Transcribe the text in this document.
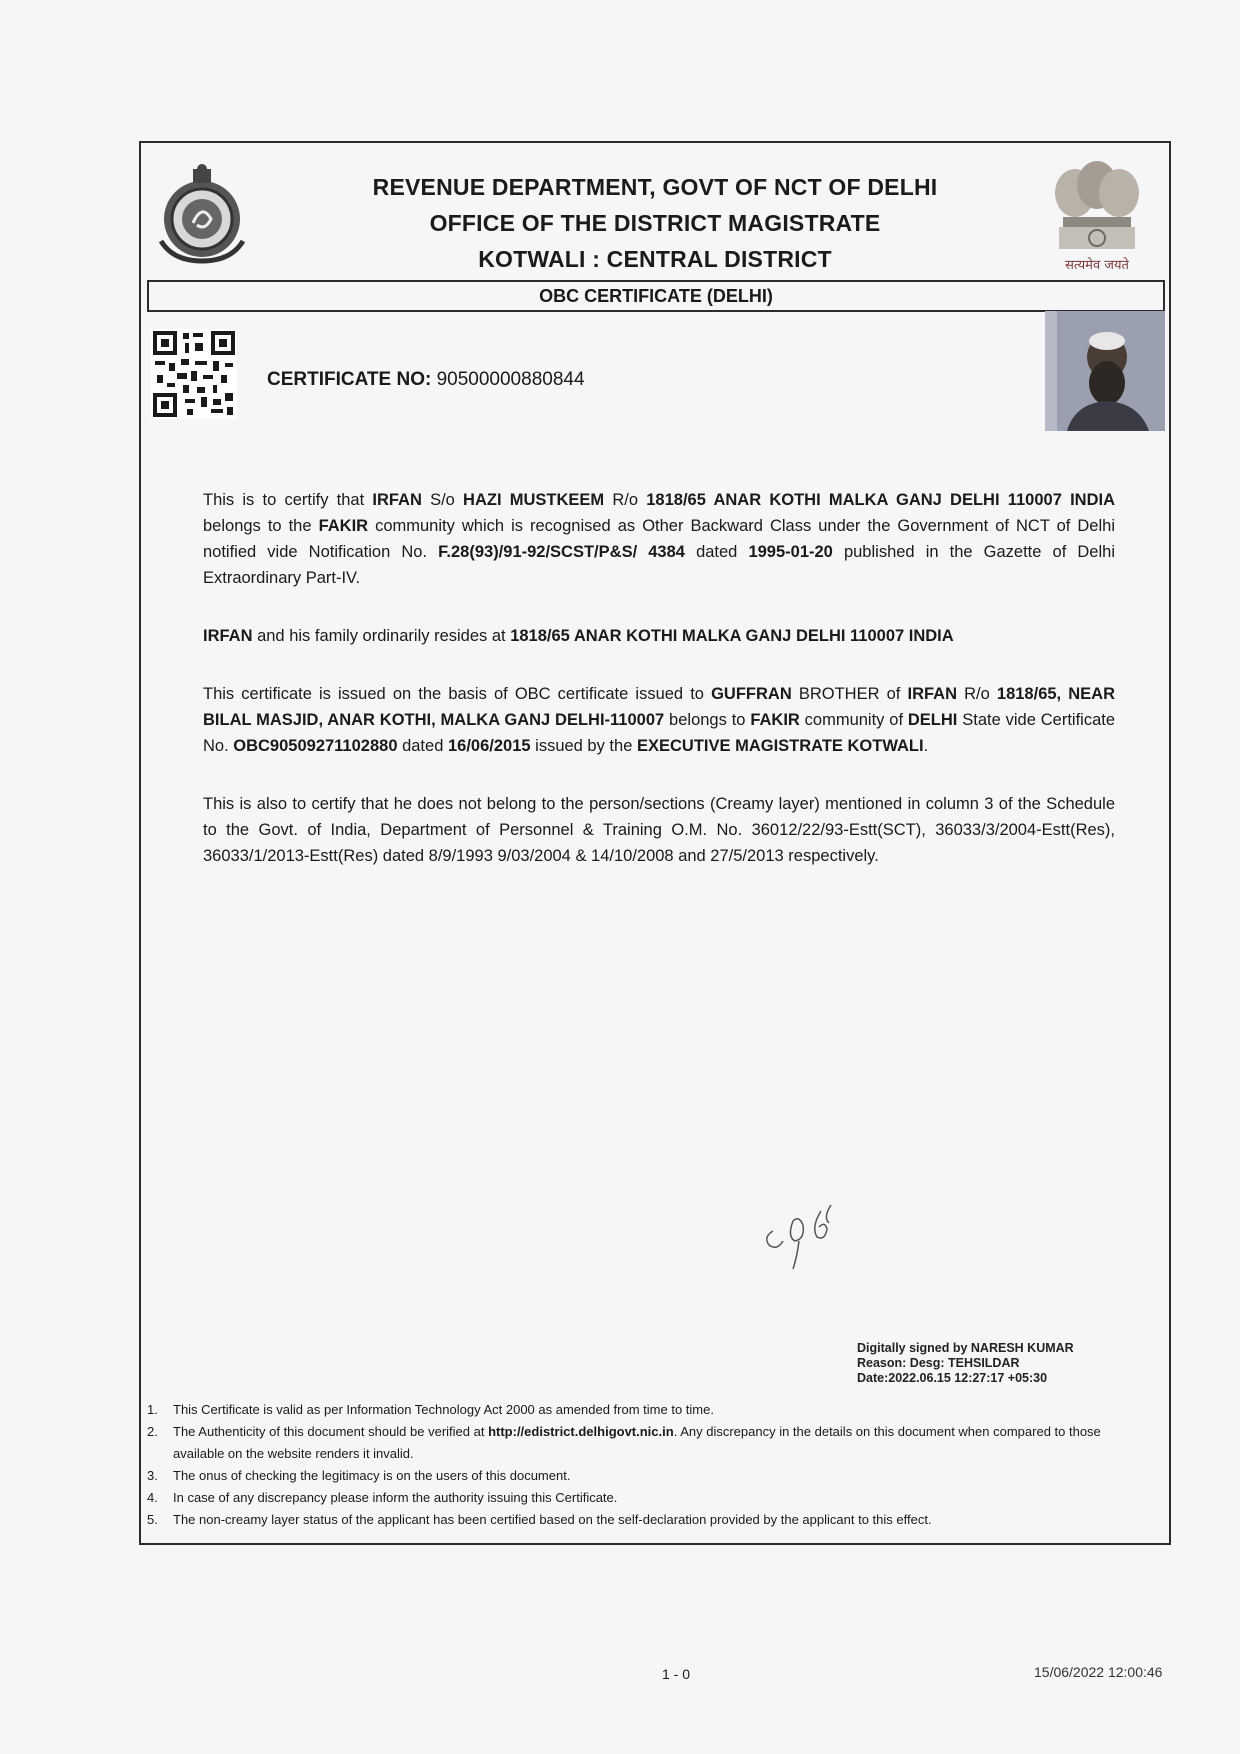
REVENUE DEPARTMENT, GOVT OF NCT OF DELHI
OFFICE OF THE DISTRICT MAGISTRATE
KOTWALI : CENTRAL DISTRICT	सत्यमेव जयते
OBC CERTIFICATE (DELHI)
CERTIFICATE NO: 90500000880844

This is to certify that IRFAN S/o HAZI MUSTKEEM R/o 1818/65 ANAR KOTHI MALKA GANJ DELHI 110007 INDIA belongs to the FAKIR community which is recognised as Other Backward Class under the Government of NCT of Delhi notified vide Notification No. F.28(93)/91-92/SCST/P&S/ 4384 dated 1995-01-20 published in the Gazette of Delhi Extraordinary Part-IV.

IRFAN and his family ordinarily resides at 1818/65 ANAR KOTHI MALKA GANJ DELHI 110007 INDIA

This certificate is issued on the basis of OBC certificate issued to GUFFRAN BROTHER of IRFAN R/o 1818/65, NEAR BILAL MASJID, ANAR KOTHI, MALKA GANJ DELHI-110007 belongs to FAKIR community of DELHI State vide Certificate No. OBC90509271102880 dated 16/06/2015 issued by the EXECUTIVE MAGISTRATE KOTWALI.

This is also to certify that he does not belong to the person/sections (Creamy layer) mentioned in column 3 of the Schedule to the Govt. of India, Department of Personnel & Training O.M. No. 36012/22/93-Estt(SCT), 36033/3/2004-Estt(Res), 36033/1/2013-Estt(Res) dated 8/9/1993 9/03/2004 & 14/10/2008 and 27/5/2013 respectively.

Digitally signed by NARESH KUMAR
Reason: Desg: TEHSILDAR
Date:2022.06.15 12:27:17 +05:30
1.	This Certificate is valid as per Information Technology Act 2000 as amended from time to time.
2.	The Authenticity of this document should be verified at http://edistrict.delhigovt.nic.in. Any discrepancy in the details on this document when compared to those available on the website renders it invalid.
3.	The onus of checking the legitimacy is on the users of this document.
4.	In case of any discrepancy please inform the authority issuing this Certificate.
5.	The non-creamy layer status of the applicant has been certified based on the self-declaration provided by the applicant to this effect.
1 - 0	15/06/2022 12:00:46
